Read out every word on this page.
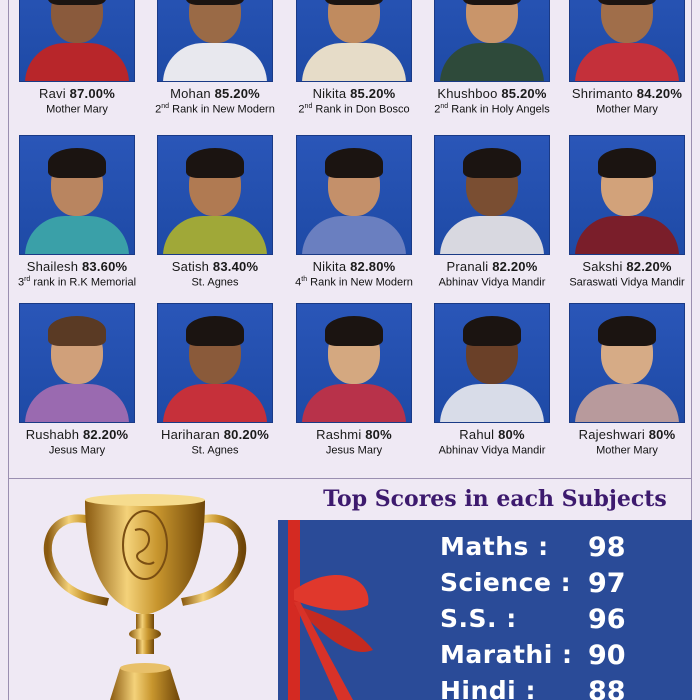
Ravi 87.00%
Mother Mary
Mohan 85.20%
2nd Rank in New Modern
Nikita 85.20%
2nd Rank in Don Bosco
Khushboo 85.20%
2nd Rank in Holy Angels
Shrimanto 84.20%
Mother Mary
Shailesh 83.60%
3rd rank in R.K Memorial
Satish 83.40%
St. Agnes
Nikita 82.80%
4th Rank in New Modern
Pranali 82.20%
Abhinav Vidya Mandir
Sakshi 82.20%
Saraswati Vidya Mandir
Rushabh 82.20%
Jesus Mary
Hariharan 80.20%
St. Agnes
Rashmi 80%
Jesus Mary
Rahul 80%
Abhinav Vidya Mandir
Rajeshwari 80%
Mother Mary
Top Scores in each Subjects
Maths : 98
Science : 97
S.S. :	96
Marathi : 90
Hindi : 88
